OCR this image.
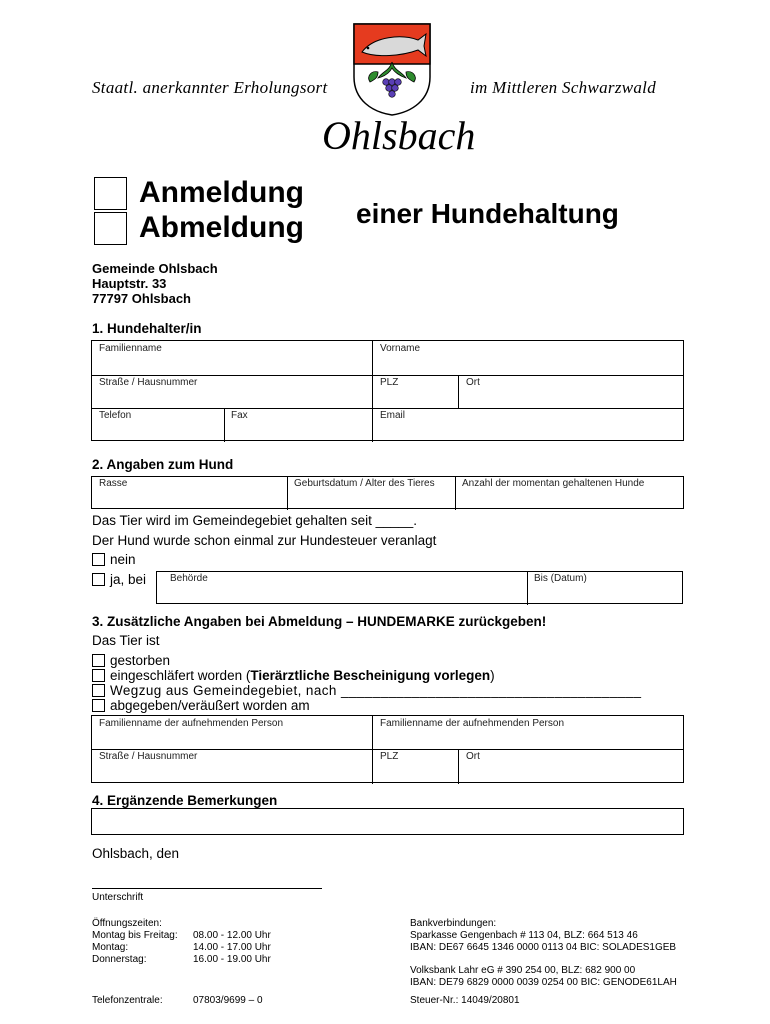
Staatl. anerkannter Erholungsort	im Mittleren Schwarzwald
Ohlsbach
Anmeldung
Abmeldung einer Hundehaltung
Gemeinde Ohlsbach
Hauptstr. 33
77797 Ohlsbach
1. Hundehalter/in
Familienname	Vorname
Straße / Hausnummer	PLZ	Ort
Telefon	Fax	Email
2. Angaben zum Hund
Rasse	Geburtsdatum / Alter des Tieres	Anzahl der momentan gehaltenen Hunde
Das Tier wird im Gemeindegebiet gehalten seit _____.
Der Hund wurde schon einmal zur Hundesteuer veranlagt
nein
ja, bei Behörde	Bis (Datum)
3. Zusätzliche Angaben bei Abmeldung – HUNDEMARKE zurückgeben!
Das Tier ist
gestorben
eingeschläfert worden (Tierärztliche Bescheinigung vorlegen)
Wegzug aus Gemeindegebiet, nach ______________________________________
abgegeben/veräußert worden am
Familienname der aufnehmenden Person	Familienname der aufnehmenden Person
Straße / Hausnummer	PLZ	Ort
4. Ergänzende Bemerkungen
Ohlsbach, den
Unterschrift
Öffnungszeiten:
Montag bis Freitag:	08.00 - 12.00 Uhr
Montag:	14.00 - 17.00 Uhr
Donnerstag:	16.00 - 19.00 Uhr
Telefonzentrale:	07803/9699 – 0
Bankverbindungen:
Sparkasse Gengenbach # 113 04, BLZ: 664 513 46
IBAN: DE67 6645 1346 0000 0113 04 BIC: SOLADES1GEB
Volksbank Lahr eG # 390 254 00, BLZ: 682 900 00
IBAN: DE79 6829 0000 0039 0254 00 BIC: GENODE61LAH
Steuer-Nr.: 14049/20801
